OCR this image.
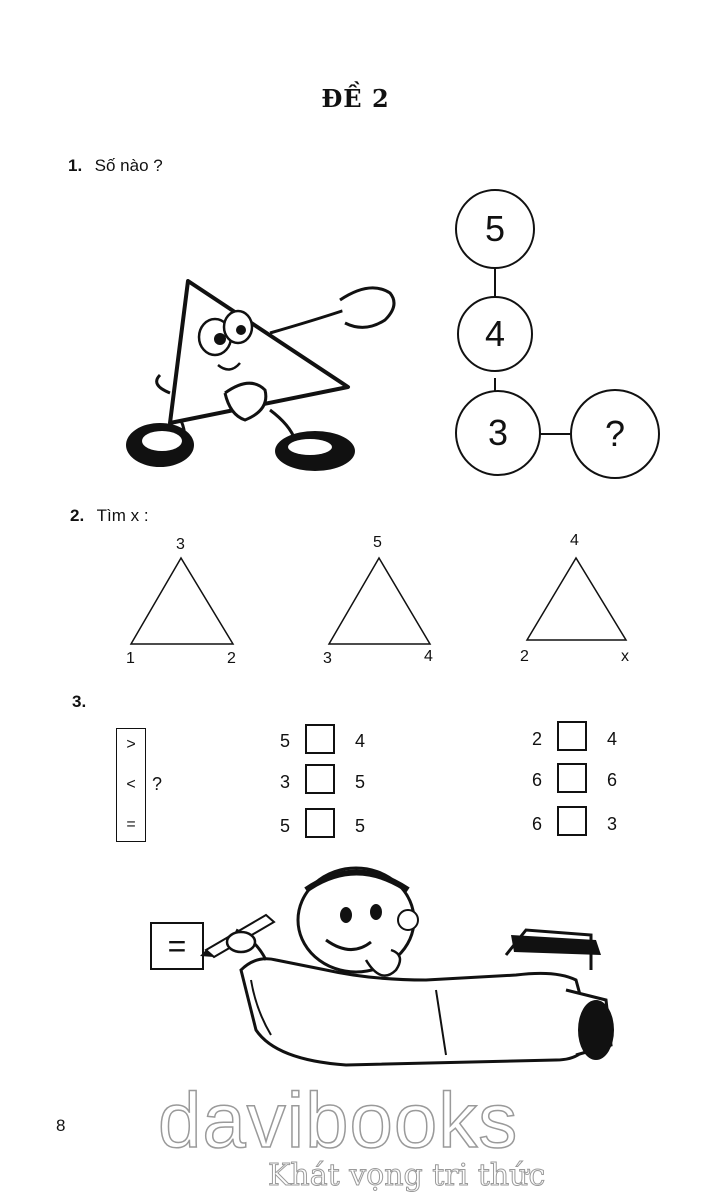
ĐỀ 2
1. Số nào ?
5
4
3	?
2. Tìm x :
3
1	2
5
3	4
4
2	x
3.
>
<
=
?
5	4
3	5
5	5
2	4
6	6
6	3
=
8 davibooks
Khát vọng tri thức
